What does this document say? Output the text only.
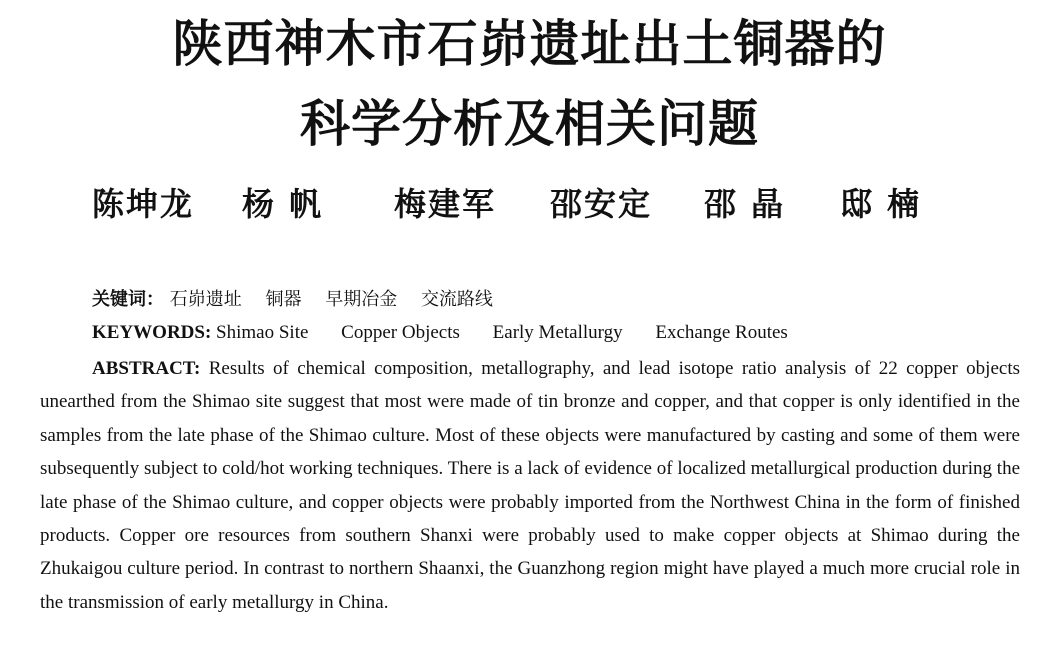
陕西神木市石峁遗址出土铜器的
科学分析及相关问题
陈坤龙 杨 帆 梅建军 邵安定 邵 晶 邸 楠
关键词： 石峁遗址 铜器 早期冶金 交流路线
KEYWORDS: Shimao Site Copper Objects Early Metallurgy Exchange Routes

ABSTRACT: Results of chemical composition, metallography, and lead isotope ratio analysis of 22 copper objects unearthed from the Shimao site suggest that most were made of tin bronze and copper, and that copper is only identified in the samples from the late phase of the Shimao culture. Most of these objects were manufactured by casting and some of them were subsequently subject to cold/hot working techniques. There is a lack of evidence of localized metallurgical production during the late phase of the Shimao culture, and copper objects were probably imported from the Northwest China in the form of finished products. Copper ore resources from southern Shanxi were probably used to make copper objects at Shimao during the Zhukaigou culture period. In contrast to northern Shaanxi, the Guanzhong region might have played a much more crucial role in the transmission of early metallurgy in China.
